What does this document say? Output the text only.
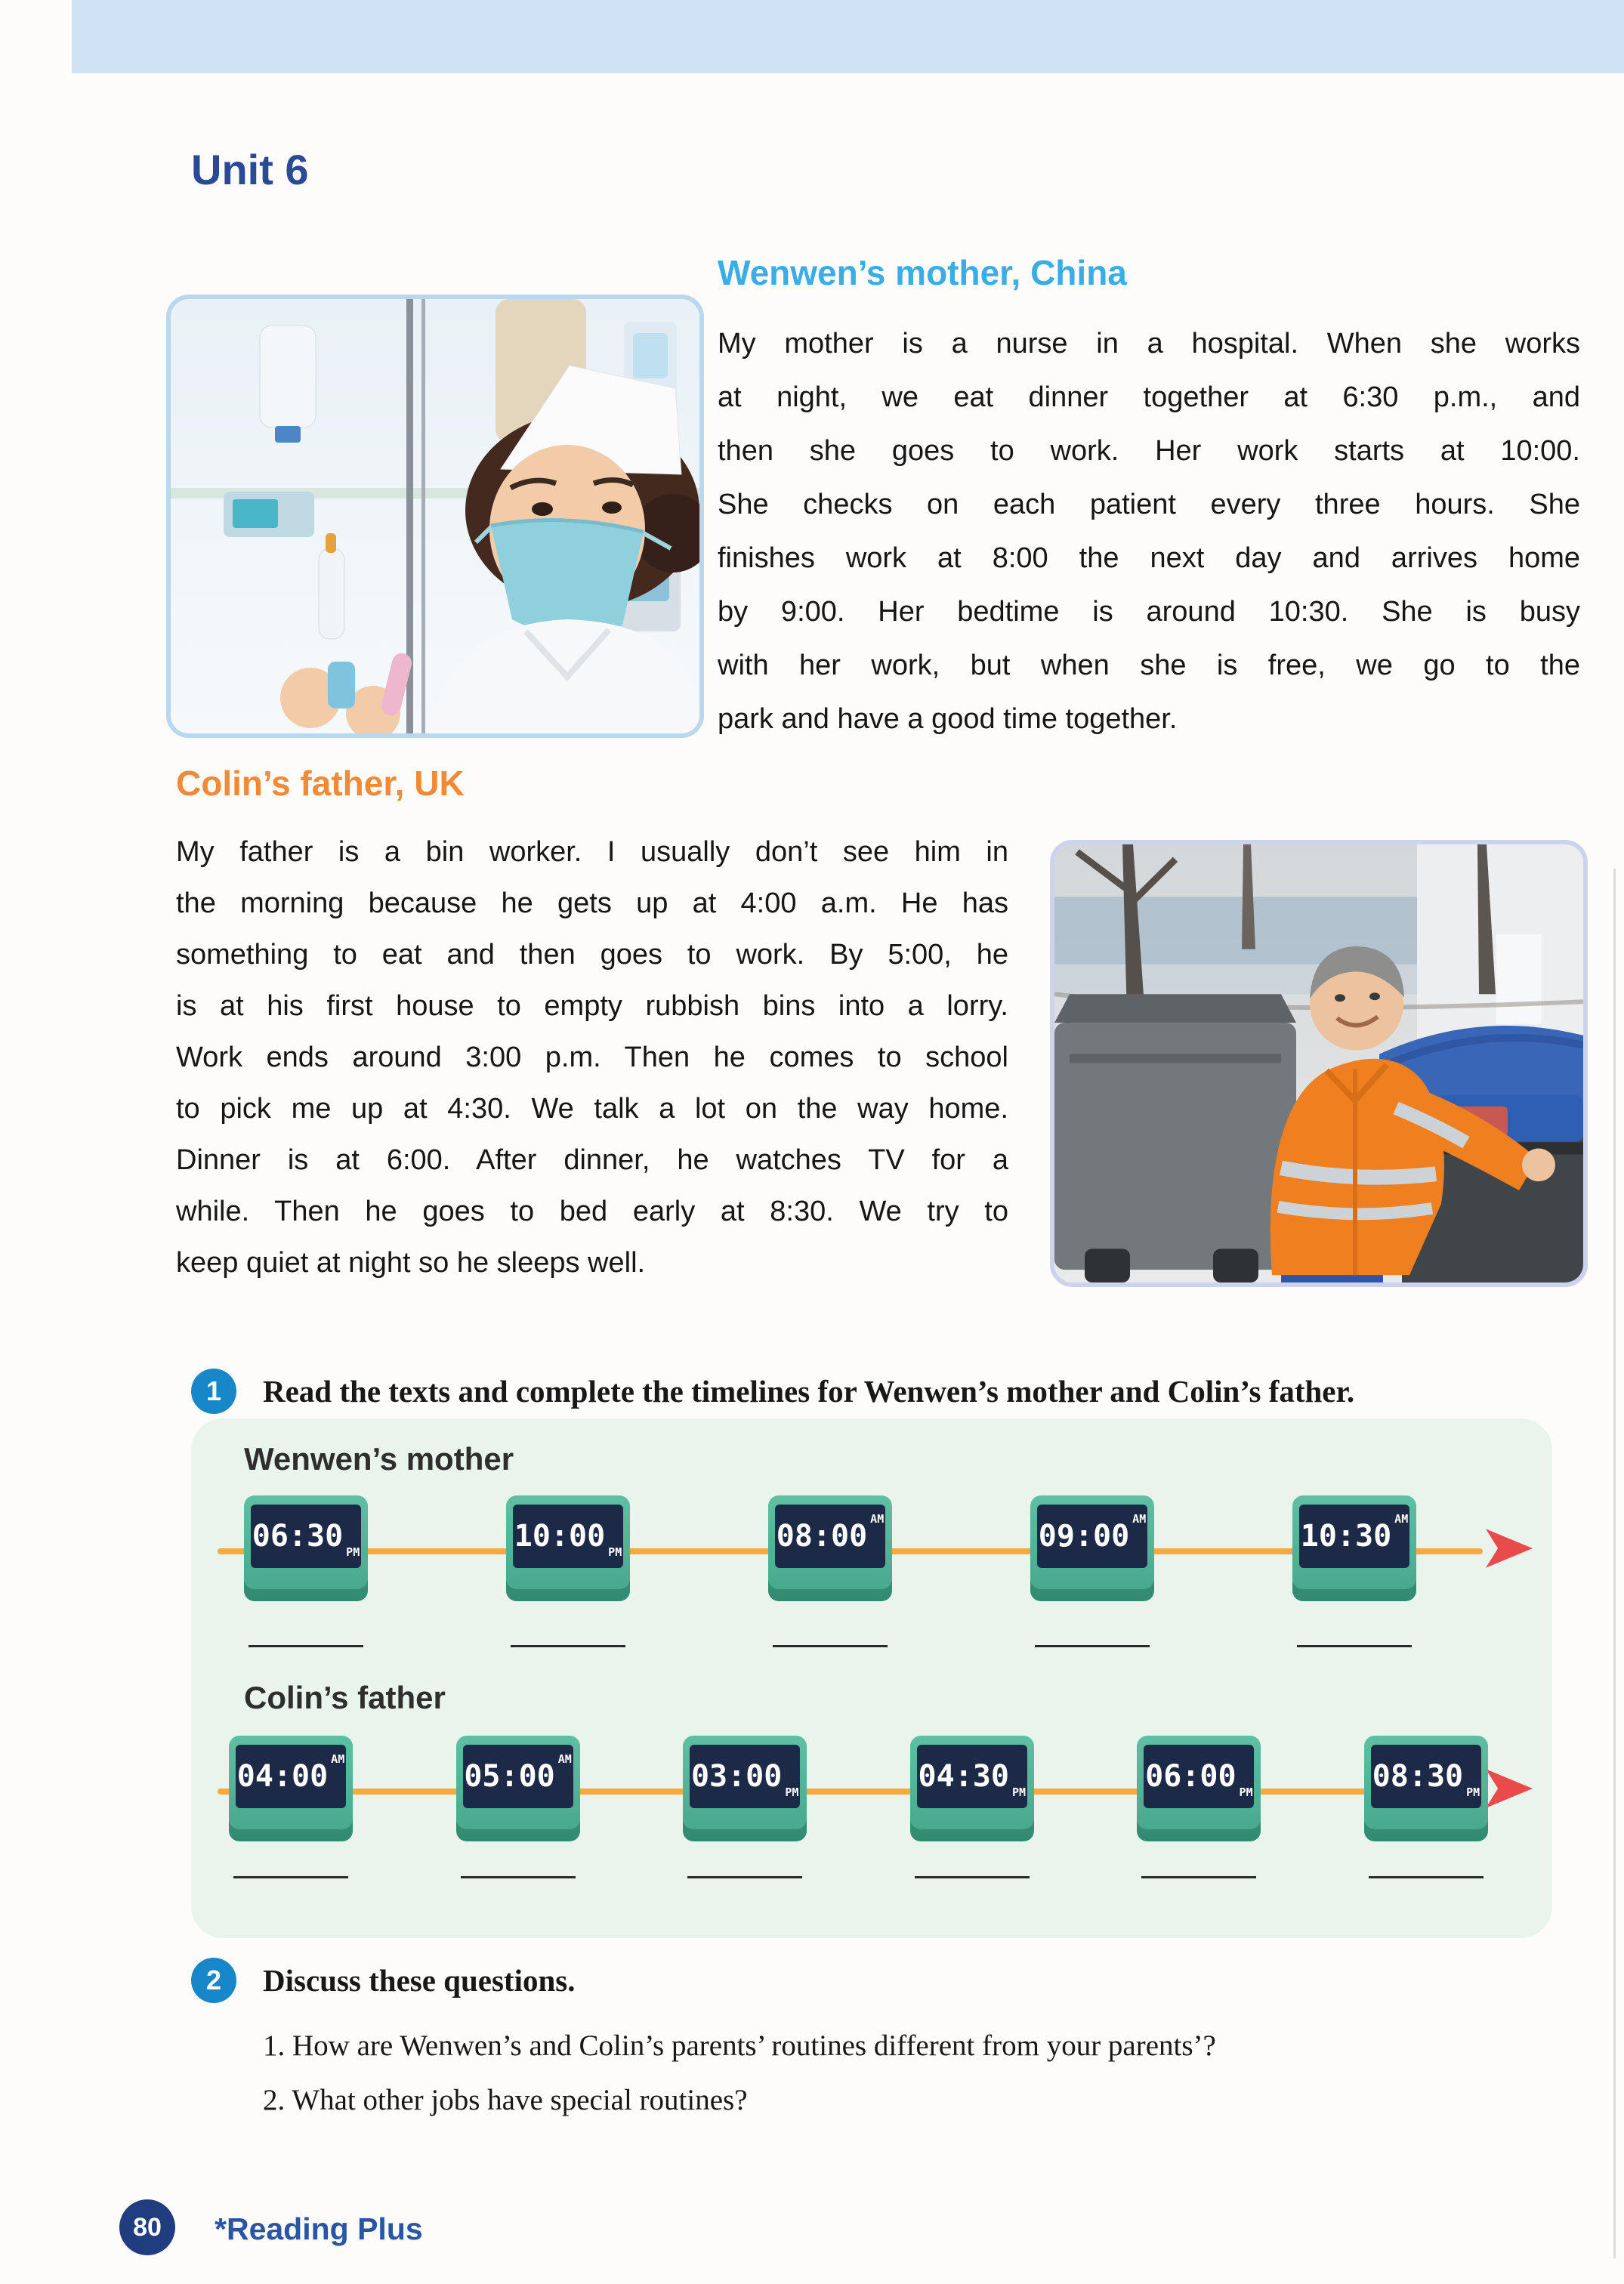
Unit 6
Wenwen’s mother, China
My mother is a nurse in a hospital. When she works
at night, we eat dinner together at 6:30 p.m., and
then she goes to work. Her work starts at 10:00.
She checks on each patient every three hours. She
finishes work at 8:00 the next day and arrives home
by 9:00. Her bedtime is around 10:30. She is busy
with her work, but when she is free, we go to the
park and have a good time together.
Colin’s father, UK
My father is a bin worker. I usually don’t see him in
the morning because he gets up at 4:00 a.m. He has
something to eat and then goes to work. By 5:00, he
is at his first house to empty rubbish bins into a lorry.
Work ends around 3:00 p.m. Then he comes to school
to pick me up at 4:30. We talk a lot on the way home.
Dinner is at 6:00. After dinner, he watches TV for a
while. Then he goes to bed early at 8:30. We try to
keep quiet at night so he sleeps well.
1	Read the texts and complete the timelines for Wenwen’s mother and Colin’s father.
Wenwen’s mother
06:30 PM	10:00 PM	08:00 AM	09:00 AM	10:30 AM
Colin’s father
04:00 AM	05:00 AM	03:00 PM	04:30 PM	06:00 PM	08:30 PM
2	Discuss these questions.
1. How are Wenwen’s and Colin’s parents’ routines different from your parents’?
2. What other jobs have special routines?
80	*Reading Plus
